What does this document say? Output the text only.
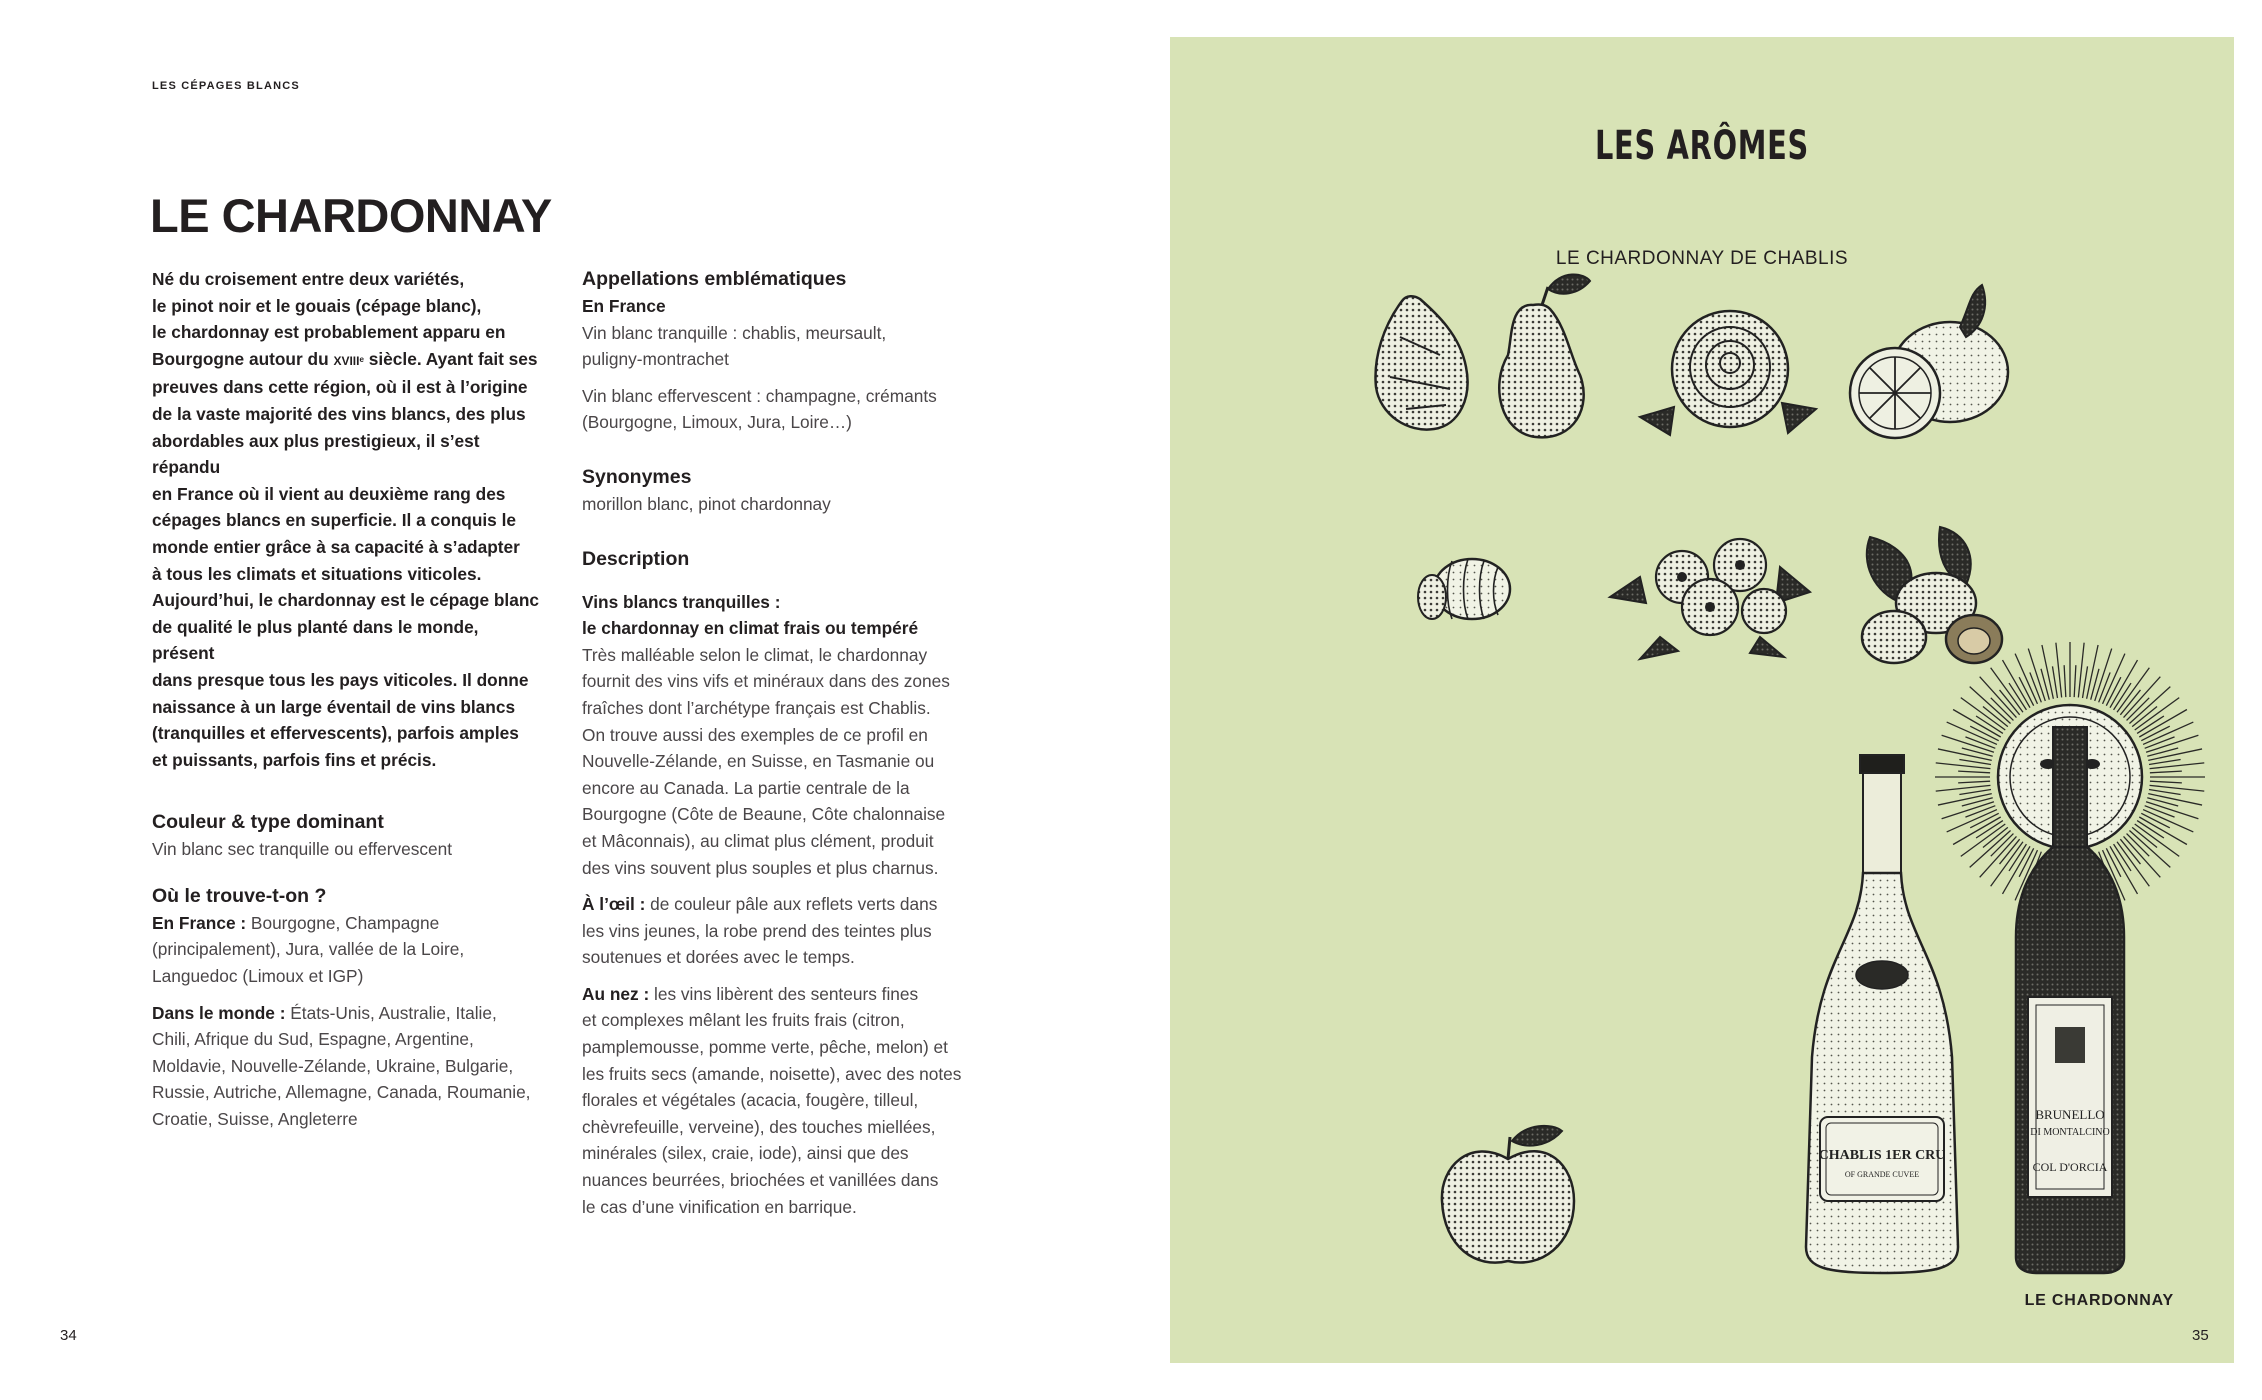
LES CÉPAGES BLANCS
LE CHARDONNAY

Né du croisement entre deux variétés,
le pinot noir et le gouais (cépage blanc),
le chardonnay est probablement apparu en
Bourgogne autour du XVIIIᵉ siècle. Ayant fait ses
preuves dans cette région, où il est à l’origine
de la vaste majorité des vins blancs, des plus
abordables aux plus prestigieux, il s’est répandu
en France où il vient au deuxième rang des
cépages blancs en superficie. Il a conquis le
monde entier grâce à sa capacité à s’adapter
à tous les climats et situations viticoles.
Aujourd’hui, le chardonnay est le cépage blanc
de qualité le plus planté dans le monde, présent
dans presque tous les pays viticoles. Il donne
naissance à un large éventail de vins blancs
(tranquilles et effervescents), parfois amples
et puissants, parfois fins et précis.

Couleur & type dominant

Vin blanc sec tranquille ou effervescent

Où le trouve-t-on ?

En France : Bourgogne, Champagne
(principalement), Jura, vallée de la Loire,
Languedoc (Limoux et IGP)

Dans le monde : États-Unis, Australie, Italie,
Chili, Afrique du Sud, Espagne, Argentine,
Moldavie, Nouvelle-Zélande, Ukraine, Bulgarie,
Russie, Autriche, Allemagne, Canada, Roumanie,
Croatie, Suisse, Angleterre

Appellations emblématiques

En France

Vin blanc tranquille : chablis, meursault,
puligny-montrachet

Vin blanc effervescent : champagne, crémants
(Bourgogne, Limoux, Jura, Loire…)

Synonymes

morillon blanc, pinot chardonnay

Description

Vins blancs tranquilles :

le chardonnay en climat frais ou tempéré

Très malléable selon le climat, le chardonnay
fournit des vins vifs et minéraux dans des zones
fraîches dont l’archétype français est Chablis.
On trouve aussi des exemples de ce profil en
Nouvelle-Zélande, en Suisse, en Tasmanie ou
encore au Canada. La partie centrale de la
Bourgogne (Côte de Beaune, Côte chalonnaise
et Mâconnais), au climat plus clément, produit
des vins souvent plus souples et plus charnus.

À l’œil : de couleur pâle aux reflets verts dans
les vins jeunes, la robe prend des teintes plus
soutenues et dorées avec le temps.

Au nez : les vins libèrent des senteurs fines
et complexes mêlant les fruits frais (citron,
pamplemousse, pomme verte, pêche, melon) et
les fruits secs (amande, noisette), avec des notes
florales et végétales (acacia, fougère, tilleul,
chèvrefeuille, verveine), des touches miellées,
minérales (silex, craie, iode), ainsi que des
nuances beurrées, briochées et vanillées dans
le cas d’une vinification en barrique.

34
LES ARÔMES
LE CHARDONNAY DE CHABLIS
BRUNELLO
DI MONTALCINO
COL D'ORCIA
CHABLIS 1ER CRU
OF GRANDE CUVEE
LE CHARDONNAY
35
